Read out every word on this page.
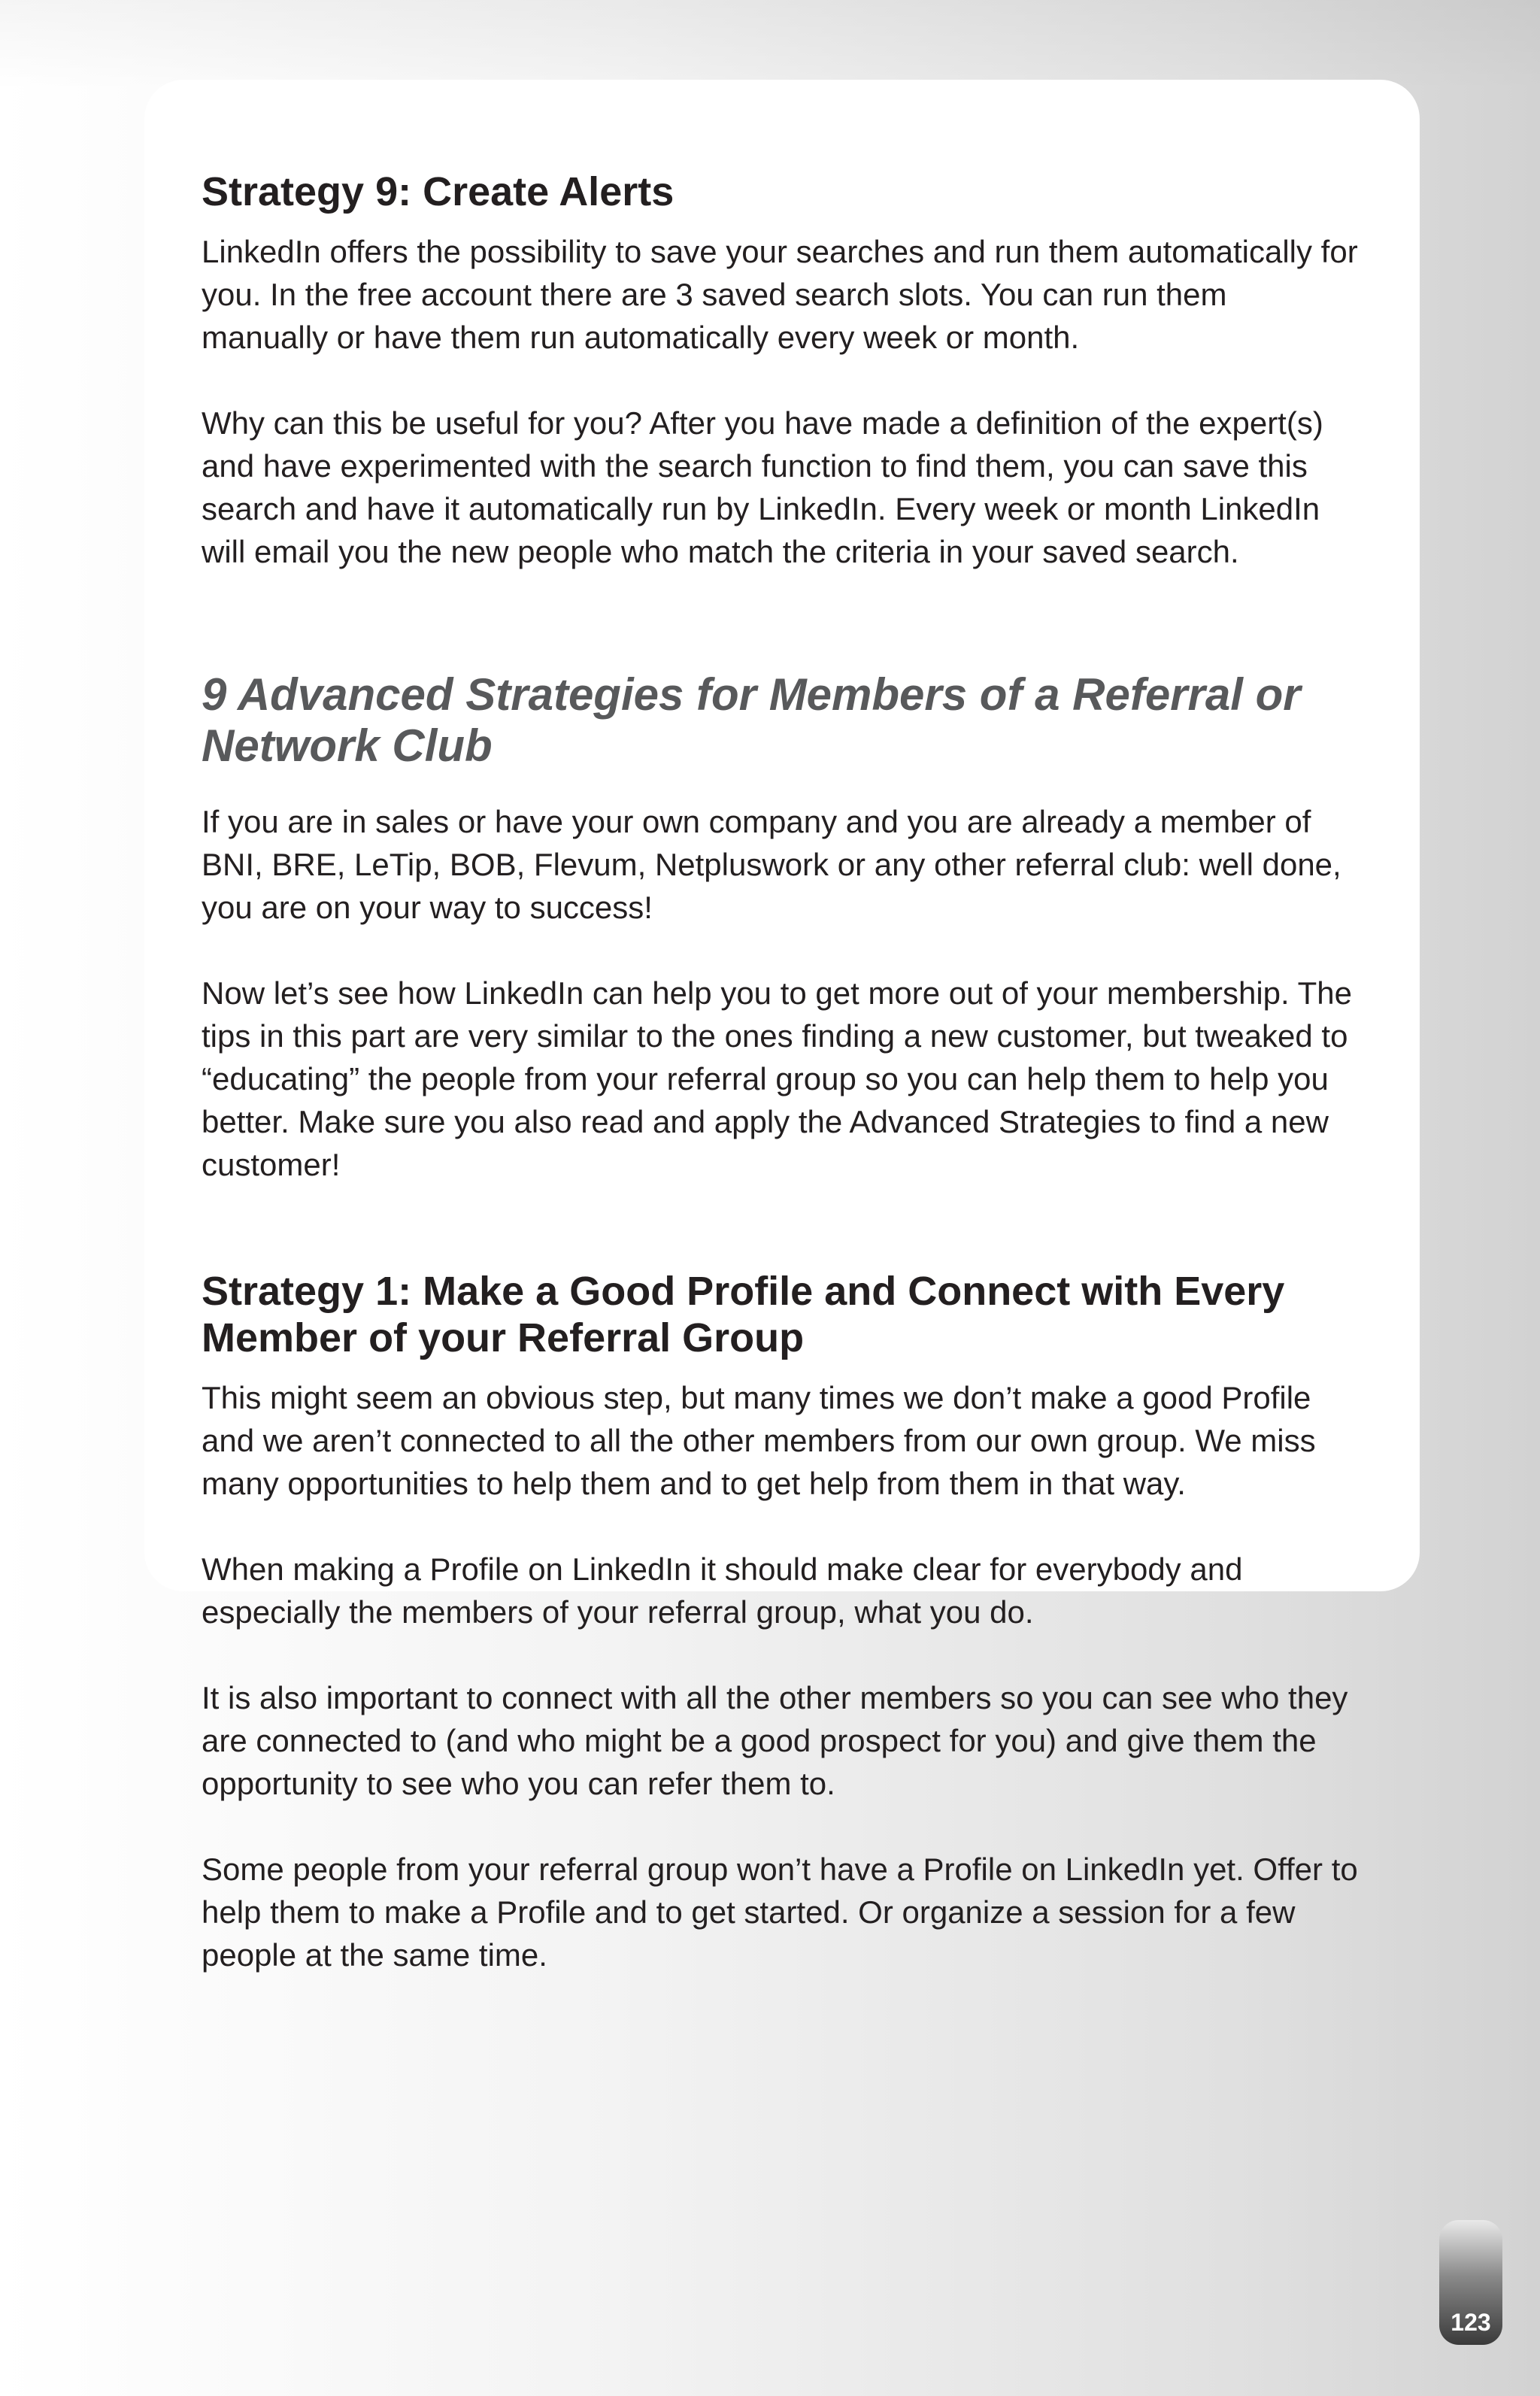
Strategy 9: Create Alerts

LinkedIn offers the possibility to save your searches and run them automatically for you. In the free account there are 3 saved search slots. You can run them manually or have them run automatically every week or month.

Why can this be useful for you? After you have made a definition of the expert(s) and have experimented with the search function to find them, you can save this search and have it automatically run by LinkedIn. Every week or month LinkedIn will email you the new people who match the criteria in your saved search.

9 Advanced Strategies for Members of a Referral or Network Club

If you are in sales or have your own company and you are already a member of BNI, BRE, LeTip, BOB, Flevum, Netpluswork or any other referral club: well done, you are on your way to success!

Now let’s see how LinkedIn can help you to get more out of your membership. The tips in this part are very similar to the ones finding a new customer, but tweaked to “educating” the people from your referral group so you can help them to help you better. Make sure you also read and apply the Advanced Strategies to find a new customer!

Strategy 1: Make a Good Profile and Connect with Every Member of your Referral Group

This might seem an obvious step, but many times we don’t make a good Profile and we aren’t connected to all the other members from our own group. We miss many opportunities to help them and to get help from them in that way.

When making a Profile on LinkedIn it should make clear for everybody and especially the members of your referral group, what you do.

It is also important to connect with all the other members so you can see who they are connected to (and who might be a good prospect for you) and give them the opportunity to see who you can refer them to.

Some people from your referral group won’t have a Profile on LinkedIn yet. Offer to help them to make a Profile and to get started. Or organize a session for a few people at the same time.

123
